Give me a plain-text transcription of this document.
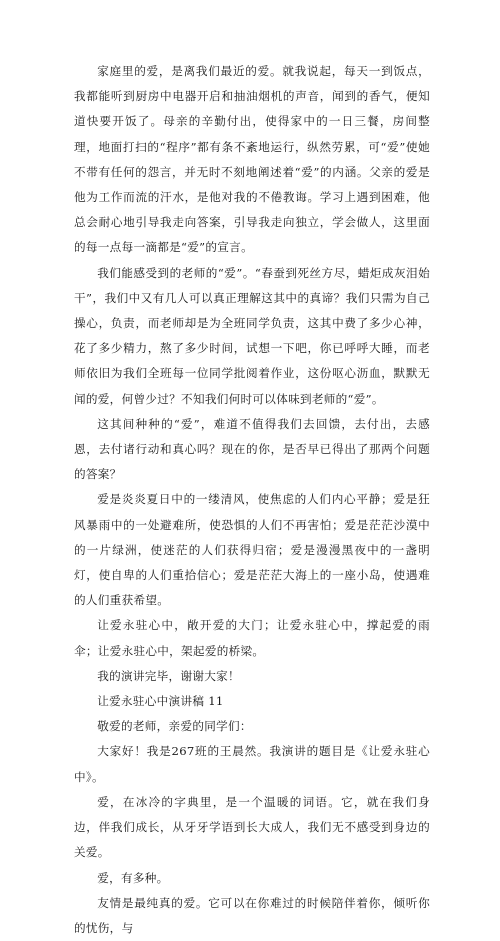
家庭里的爱，是离我们最近的爱。就我说起，每天一到饭点，我都能听到厨房中电器开启和抽油烟机的声音，闻到的香气，便知道快要开饭了。母亲的辛勤付出，使得家中的一日三餐，房间整理，地面打扫的“程序”都有条不紊地运行，纵然劳累，可“爱”使她不带有任何的怨言，并无时不刻地阐述着“爱”的内涵。父亲的爱是他为工作而流的汗水，是他对我的不倦教诲。学习上遇到困难，他总会耐心地引导我走向答案，引导我走向独立，学会做人，这里面的每一点每一滴都是“爱”的宣言。

我们能感受到的老师的“爱”。“春蚕到死丝方尽，蜡炬成灰泪始干”，我们中又有几人可以真正理解这其中的真谛？我们只需为自己操心，负责，而老师却是为全班同学负责，这其中费了多少心神，花了多少精力，熬了多少时间，试想一下吧，你已呼呼大睡，而老师依旧为我们全班每一位同学批阅着作业，这份呕心沥血，默默无闻的爱，何曾少过？不知我们何时可以体味到老师的“爱”。

这其间种种的“爱”，难道不值得我们去回馈，去付出，去感恩，去付诸行动和真心吗？现在的你，是否早已得出了那两个问题的答案？

爱是炎炎夏日中的一缕清风，使焦虑的人们内心平静；爱是狂风暴雨中的一处避难所，使恐惧的人们不再害怕；爱是茫茫沙漠中的一片绿洲，使迷茫的人们获得归宿；爱是漫漫黑夜中的一盏明灯，使自卑的人们重拾信心；爱是茫茫大海上的一座小岛，使遇难的人们重获希望。

让爱永驻心中，敞开爱的大门；让爱永驻心中，撑起爱的雨伞；让爱永驻心中，架起爱的桥梁。

我的演讲完毕，谢谢大家！

让爱永驻心中演讲稿 11

敬爱的老师，亲爱的同学们：

大家好！我是267班的王晨然。我演讲的题目是《让爱永驻心中》。

爱，在冰冷的字典里，是一个温暖的词语。它，就在我们身边，伴我们成长，从牙牙学语到长大成人，我们无不感受到身边的关爱。

爱，有多种。

友情是最纯真的爱。它可以在你难过的时候陪伴着你，倾听你的忧伤，与
